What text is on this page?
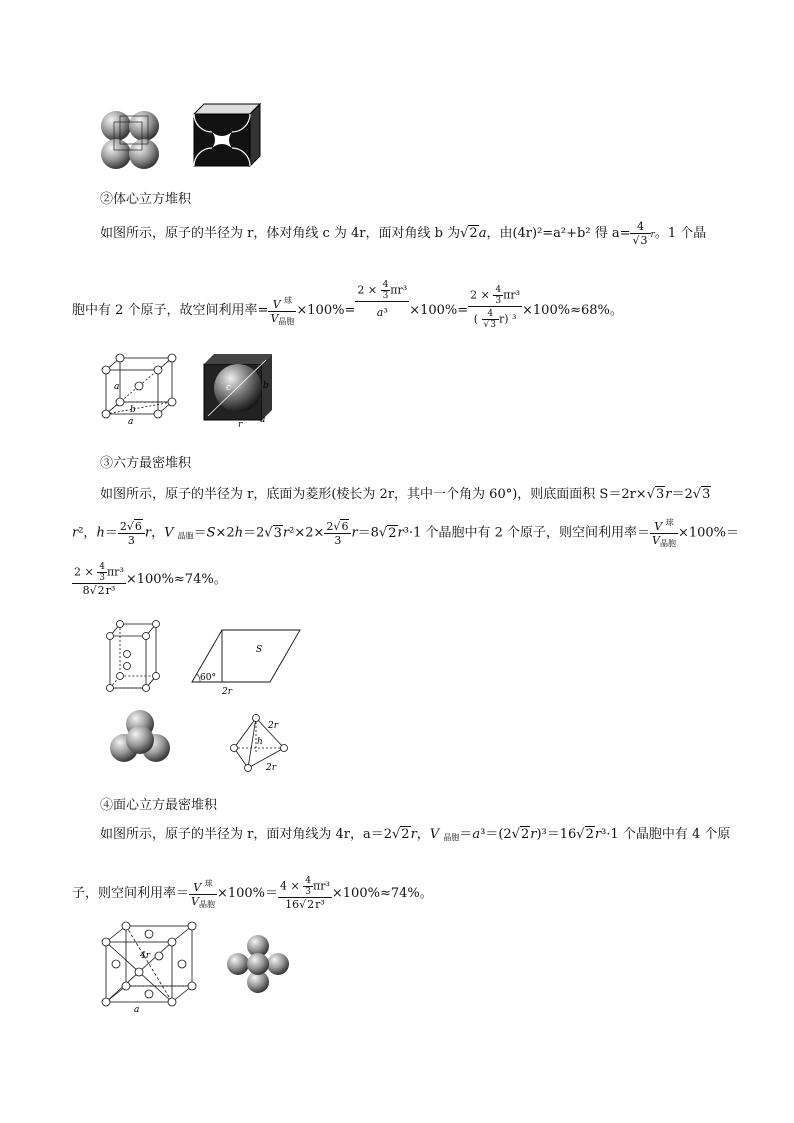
②体心立方堆积
如图所示，原子的半径为 r，体对角线 c 为 4r，面对角线 b 为√2a，由(4r)²=a²+b² 得 $a= \frac{4}{√3}$ r。1 个晶
胞中有 2 个原子，故空间利用率= $\frac{V ^球}{V_{晶胞}} \times 100\%= \frac{2 \times \frac{4}{3} \pi r^3}{\text{a³}} \times 100\%= \frac{2 \times \frac{4}{3} \pi r^3}{( \frac{4}{√3} r) ^3} \times 100\%\approx 68\%$。
a
b
a
c	b
r a
③六方最密堆积
如图所示，原子的半径为 r，底面为菱形(棱长为 2r，其中一个角为 60°)，则底面面积 S＝2r×√3r＝2√3
r²，$h= \frac{2√6}{3}$ r，V $_{晶胞}=S\times 2h=2√3r^2\times 2\times \frac{2√6}{3} r=8√2r^3\cdot 1$ 个晶胞中有 2 个原子，则空间利用率＝ $\frac{V ^球}{V_{晶胞}} \times 100\%=$
$\frac{2 \times \frac{4}{3} \pi r^3}{\text{8√2r³}} \times 100\%\approx 74\%$。
S
60°
2r
2r
h
2r
④面心立方最密堆积
如图所示，原子的半径为 r，面对角线为 4r，a＝2√2r，V $_{晶胞}$＝a³＝(2√2r)³＝16√2r³·1 个晶胞中有 4 个原
子，则空间利用率＝ $\frac{V ^球}{V_{晶胞}} \times 100\%= \frac{4 \times \frac{4}{3} \pi r^3}{\text{16√2r³}} \times 100\%\approx 74\%$。
4r
a
